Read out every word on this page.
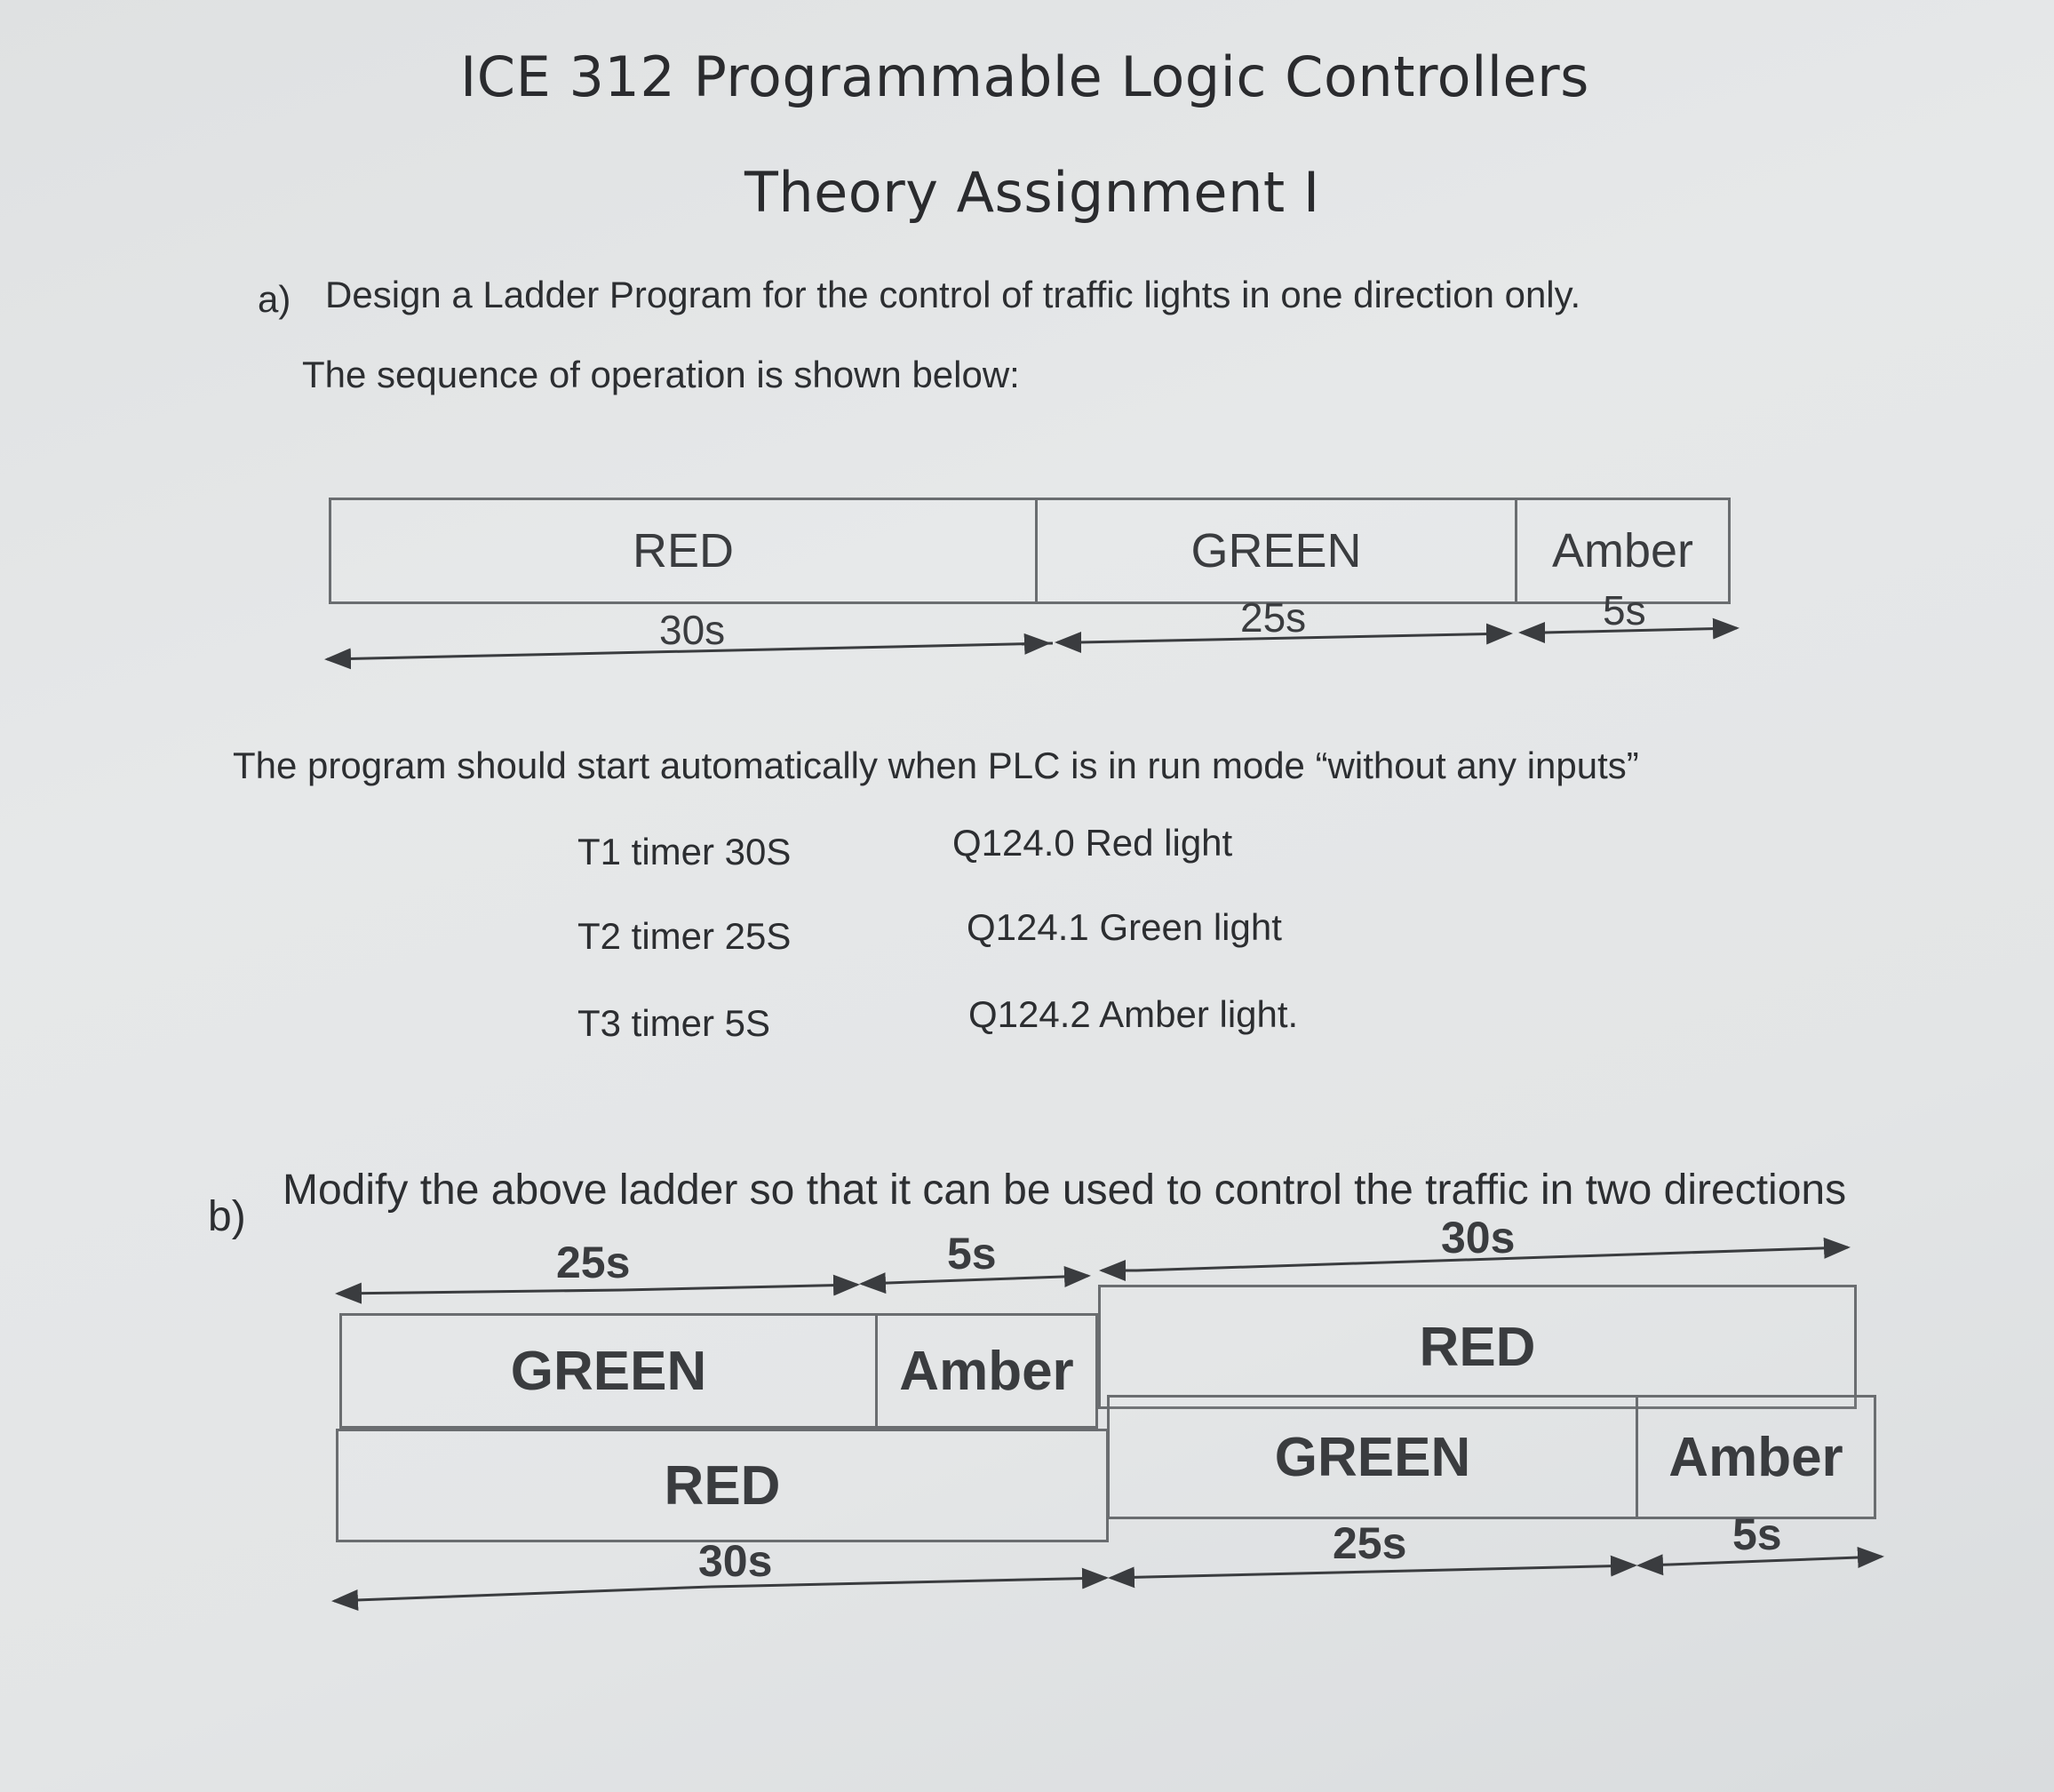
ICE 312 Programmable Logic Controllers
Theory Assignment I
a) Design a Ladder Program for the control of traffic lights in one direction only.
The sequence of operation is shown below:
RED	GREEN	Amber
30s	25s	5s
The program should start automatically when PLC is in run mode “without any inputs”
T1 timer 30S	Q124.0 Red light
T2 timer 25S	Q124.1 Green light
T3 timer 5S	Q124.2 Amber light.
b)
Modify the above ladder so that it can be used to control the traffic in two directions
25s	5s	30s
GREEN	Amber	RED
RED	GREEN	Amber
30s	25s	5s
